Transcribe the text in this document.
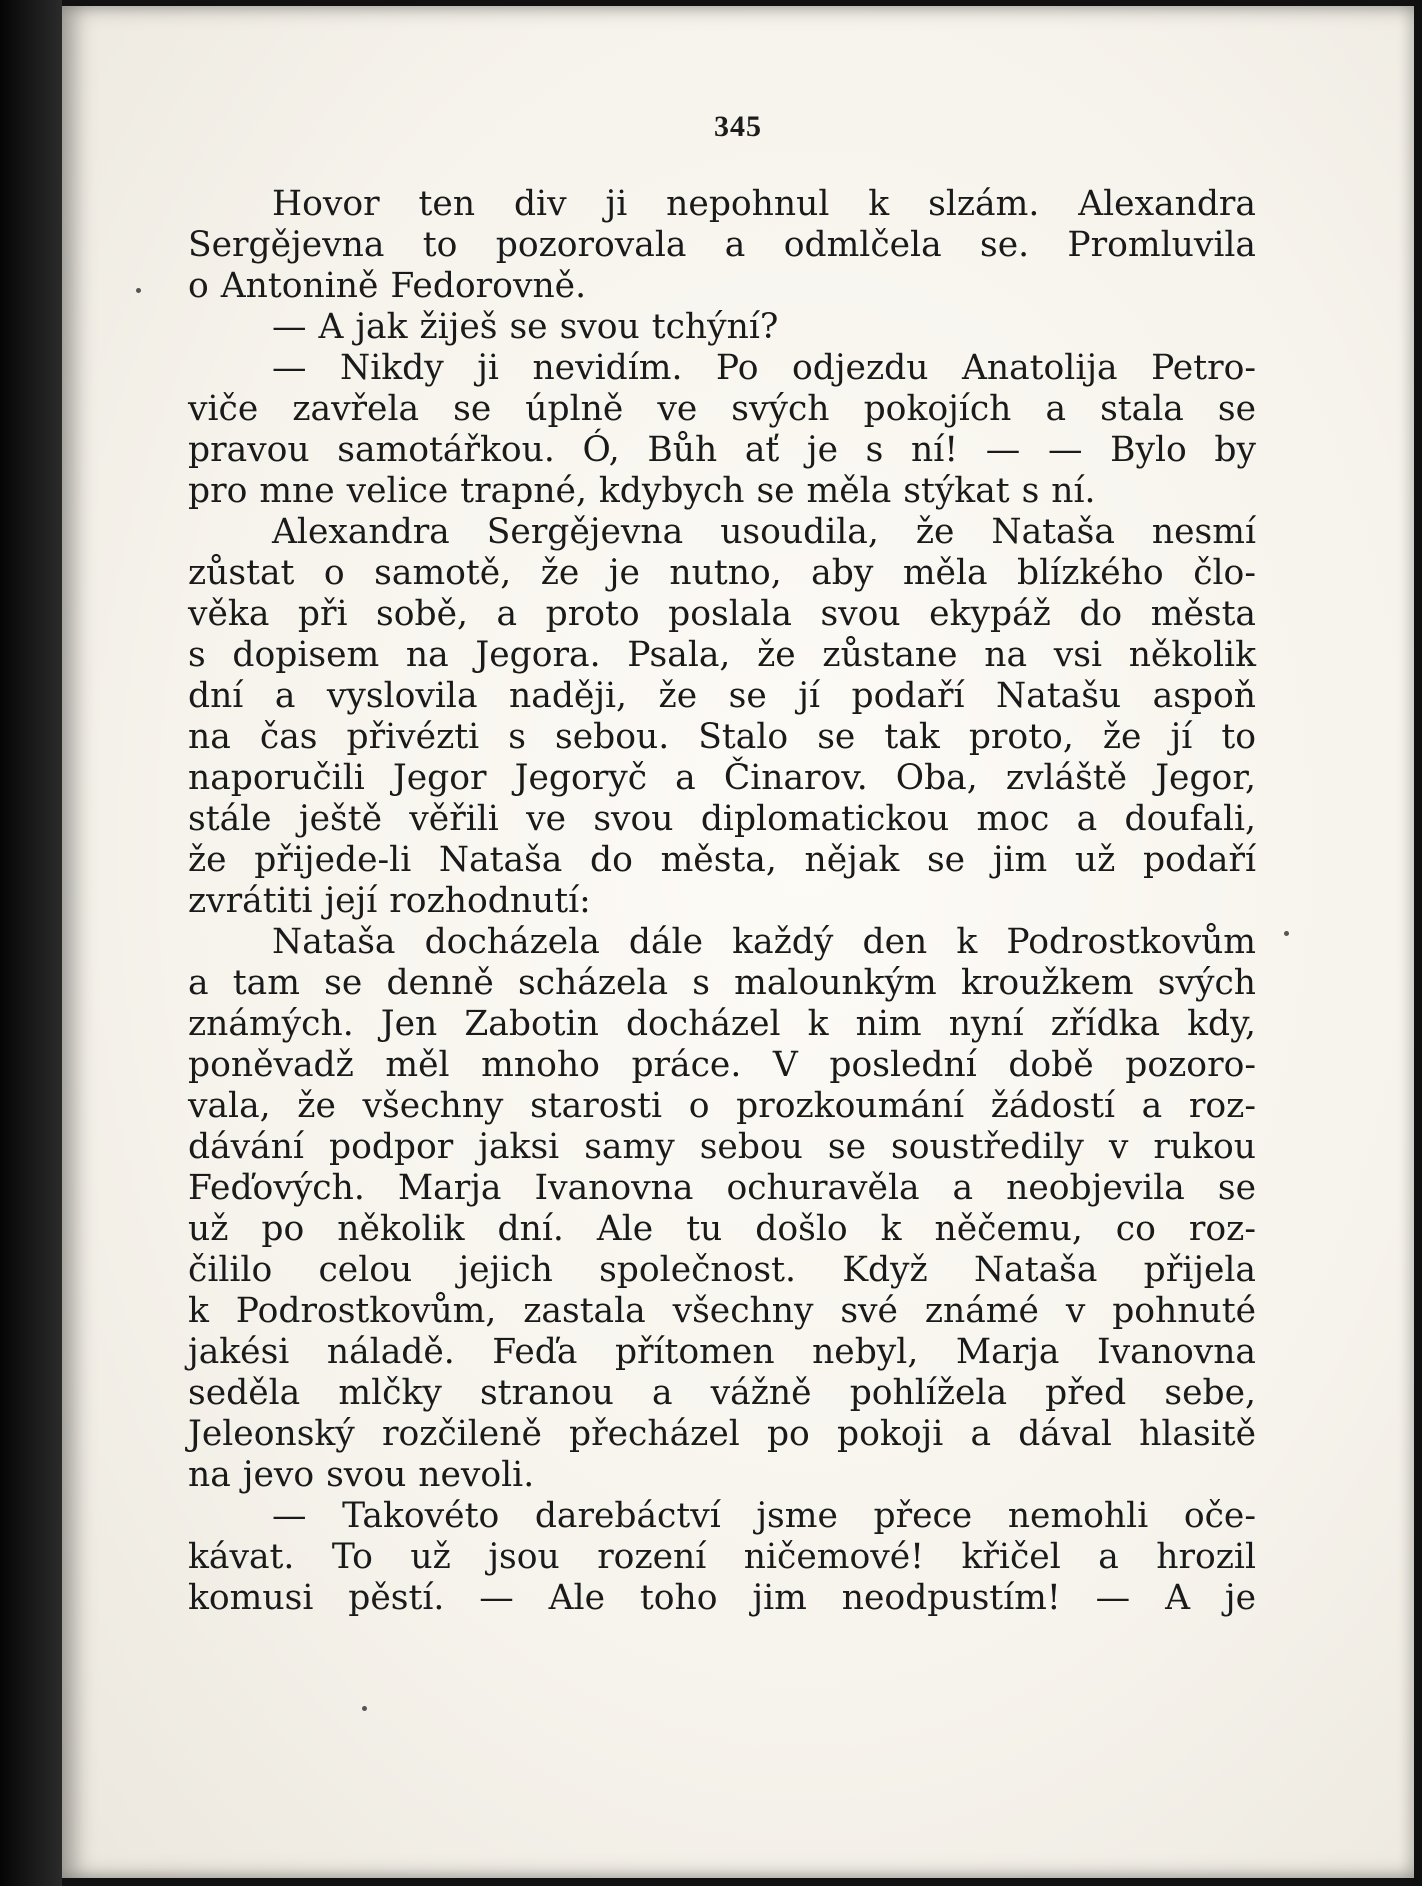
345
Hovor ten div ji nepohnul k slzám. Alexandra
Sergějevna to pozorovala a odmlčela se. Promluvila
o Antonině Fedorovně.
— A jak žiješ se svou tchýní?
— Nikdy ji nevidím. Po odjezdu Anatolija Petro-
viče zavřela se úplně ve svých pokojích a stala se
pravou samotářkou. Ó, Bůh ať je s ní! — — Bylo by
pro mne velice trapné, kdybych se měla stýkat s ní.
Alexandra Sergějevna usoudila, že Nataša nesmí
zůstat o samotě, že je nutno, aby měla blízkého člo-
věka při sobě, a proto poslala svou ekypáž do města
s dopisem na Jegora. Psala, že zůstane na vsi několik
dní a vyslovila naději, že se jí podaří Natašu aspoň
na čas přivézti s sebou. Stalo se tak proto, že jí to
naporučili Jegor Jegoryč a Činarov. Oba, zvláště Jegor,
stále ještě věřili ve svou diplomatickou moc a doufali,
že přijede-li Nataša do města, nějak se jim už podaří
zvrátiti její rozhodnutí:
Nataša docházela dále každý den k Podrostkovům
a tam se denně scházela s malounkým kroužkem svých
známých. Jen Zabotin docházel k nim nyní zřídka kdy,
poněvadž měl mnoho práce. V poslední době pozoro-
vala, že všechny starosti o prozkoumání žádostí a roz-
dávání podpor jaksi samy sebou se soustředily v rukou
Feďových. Marja Ivanovna ochuravěla a neobjevila se
už po několik dní. Ale tu došlo k něčemu, co roz-
čililo celou jejich společnost. Když Nataša přijela
k Podrostkovům, zastala všechny své známé v pohnuté
jakési náladě. Feďa přítomen nebyl, Marja Ivanovna
seděla mlčky stranou a vážně pohlížela před sebe,
Jeleonský rozčileně přecházel po pokoji a dával hlasitě
na jevo svou nevoli.
— Takovéto darebáctví jsme přece nemohli oče-
kávat. To už jsou rození ničemové! křičel a hrozil
komusi pěstí. — Ale toho jim neodpustím! — A je
